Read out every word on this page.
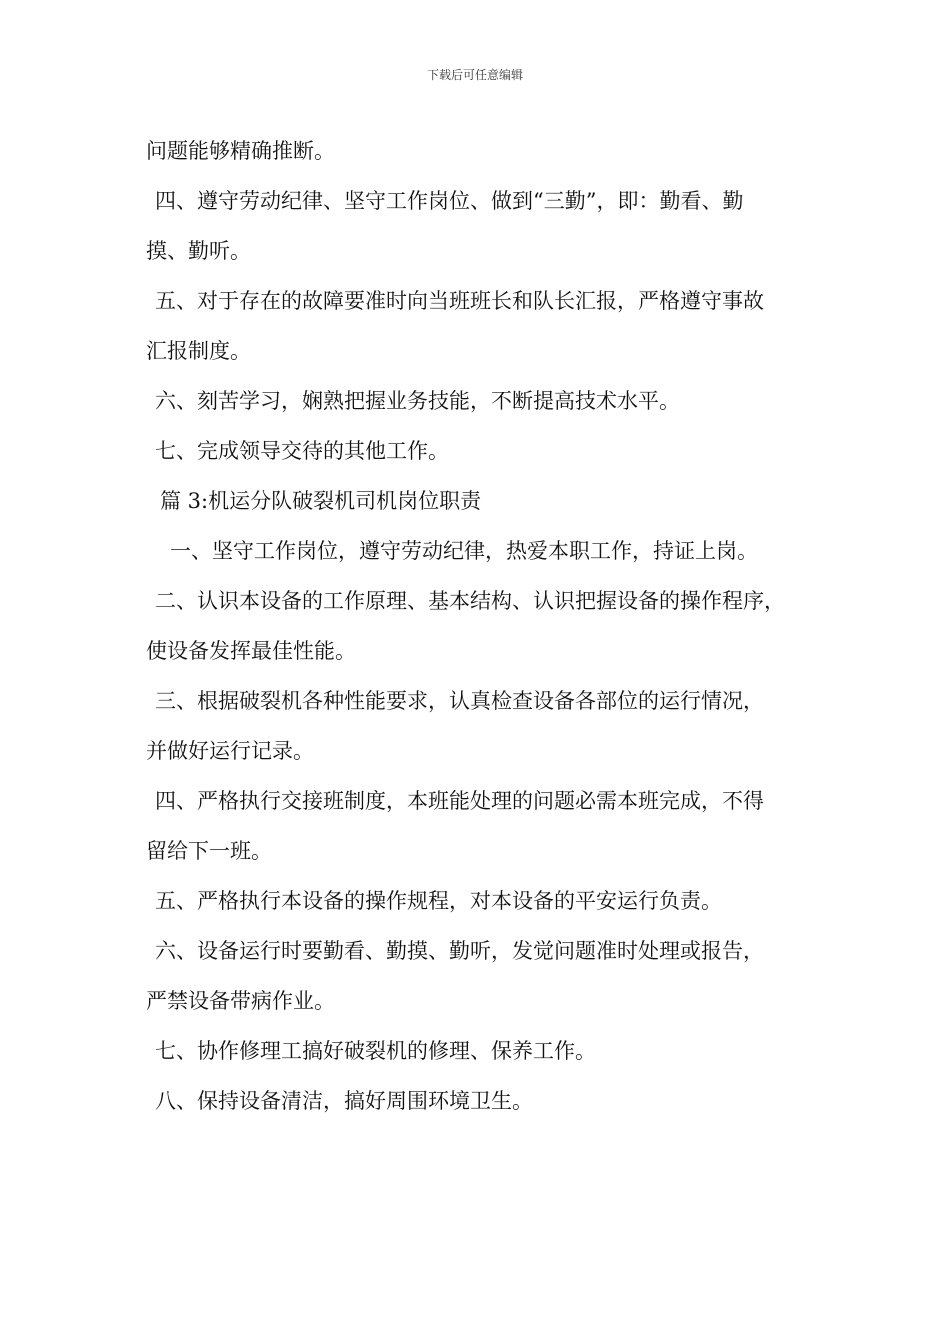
下载后可任意编辑
问题能够精确推断。
四、遵守劳动纪律、坚守工作岗位、做到“三勤”，即：勤看、勤
摸、勤听。
五、对于存在的故障要准时向当班班长和队长汇报，严格遵守事故
汇报制度。
六、刻苦学习，娴熟把握业务技能，不断提高技术水平。
七、完成领导交待的其他工作。
篇 3:机运分队破裂机司机岗位职责
一、坚守工作岗位，遵守劳动纪律，热爱本职工作，持证上岗。
二、认识本设备的工作原理、基本结构、认识把握设备的操作程序，
使设备发挥最佳性能。
三、根据破裂机各种性能要求，认真检查设备各部位的运行情况，
并做好运行记录。
四、严格执行交接班制度，本班能处理的问题必需本班完成，不得
留给下一班。
五、严格执行本设备的操作规程，对本设备的平安运行负责。
六、设备运行时要勤看、勤摸、勤听，发觉问题准时处理或报告，
严禁设备带病作业。
七、协作修理工搞好破裂机的修理、保养工作。
八、保持设备清洁，搞好周围环境卫生。
